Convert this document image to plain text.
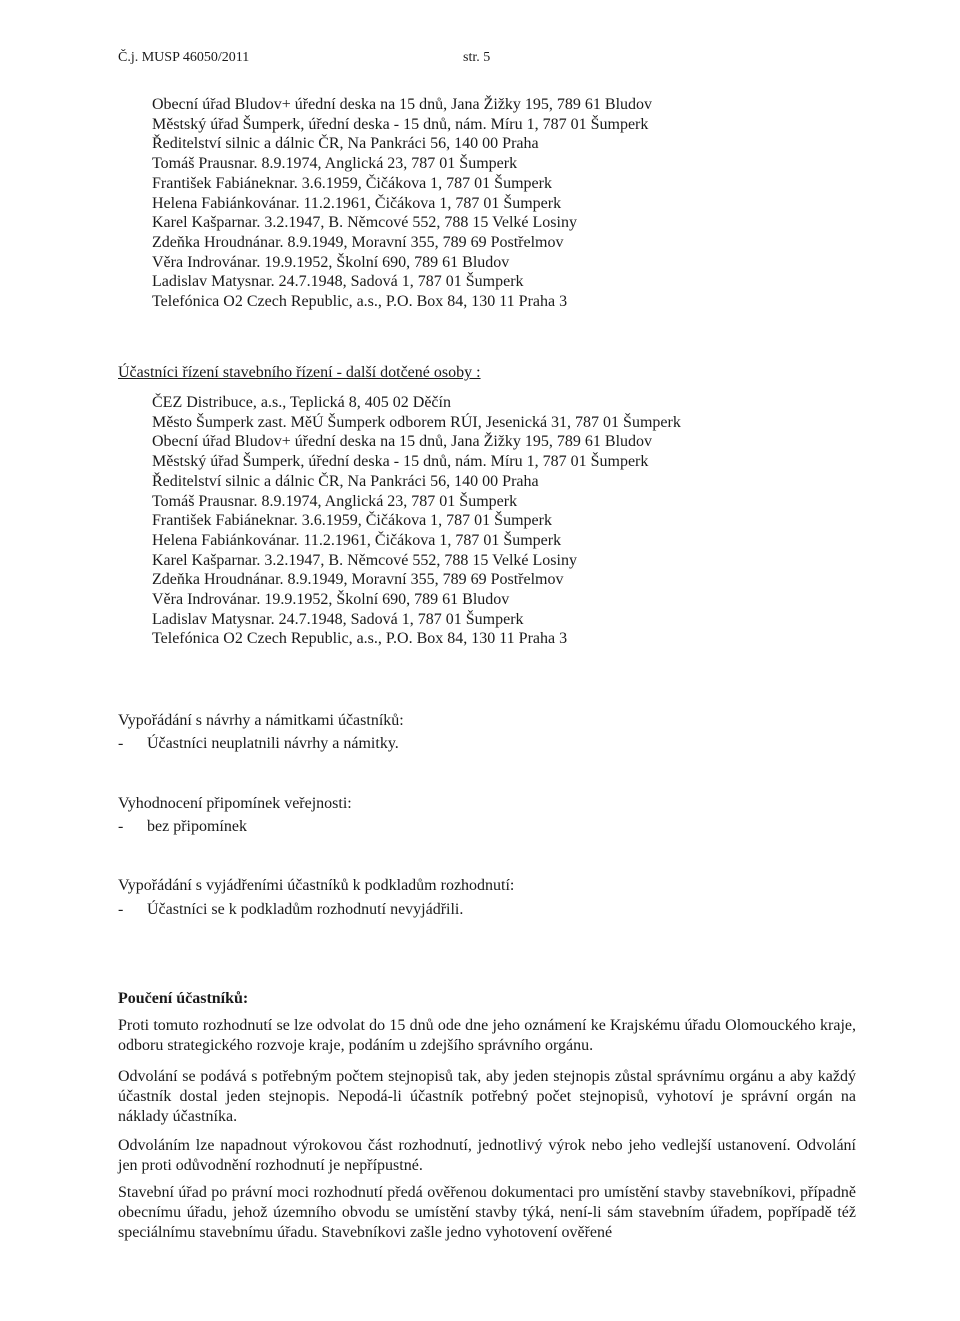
Č.j. MUSP 46050/2011	str. 5
Obecní úřad Bludov+ úřední deska na 15 dnů, Jana Žižky 195, 789 61 Bludov
Městský úřad Šumperk, úřední deska - 15 dnů, nám. Míru 1, 787 01 Šumperk
Ředitelství silnic a dálnic ČR, Na Pankráci 56, 140 00 Praha
Tomáš Prausnar. 8.9.1974, Anglická 23, 787 01 Šumperk
František Fabiáneknar. 3.6.1959, Čičákova 1, 787 01 Šumperk
Helena Fabiánkovánar. 11.2.1961, Čičákova 1, 787 01 Šumperk
Karel Kašparnar. 3.2.1947, B. Němcové 552, 788 15 Velké Losiny
Zdeňka Hroudnánar. 8.9.1949, Moravní 355, 789 69 Postřelmov
Věra Indrovánar. 19.9.1952, Školní 690, 789 61 Bludov
Ladislav Matysnar. 24.7.1948, Sadová 1, 787 01 Šumperk
Telefónica O2 Czech Republic, a.s., P.O. Box 84, 130 11 Praha 3
Účastníci řízení stavebního řízení - další dotčené osoby :
ČEZ Distribuce, a.s., Teplická 8, 405 02 Děčín
Město Šumperk zast. MěÚ Šumperk odborem RÚI, Jesenická 31, 787 01 Šumperk
Obecní úřad Bludov+ úřední deska na 15 dnů, Jana Žižky 195, 789 61 Bludov
Městský úřad Šumperk, úřední deska - 15 dnů, nám. Míru 1, 787 01 Šumperk
Ředitelství silnic a dálnic ČR, Na Pankráci 56, 140 00 Praha
Tomáš Prausnar. 8.9.1974, Anglická 23, 787 01 Šumperk
František Fabiáneknar. 3.6.1959, Čičákova 1, 787 01 Šumperk
Helena Fabiánkovánar. 11.2.1961, Čičákova 1, 787 01 Šumperk
Karel Kašparnar. 3.2.1947, B. Němcové 552, 788 15 Velké Losiny
Zdeňka Hroudnánar. 8.9.1949, Moravní 355, 789 69 Postřelmov
Věra Indrovánar. 19.9.1952, Školní 690, 789 61 Bludov
Ladislav Matysnar. 24.7.1948, Sadová 1, 787 01 Šumperk
Telefónica O2 Czech Republic, a.s., P.O. Box 84, 130 11 Praha 3
Vypořádání s návrhy a námitkami účastníků:
- Účastníci neuplatnili návrhy a námitky.
Vyhodnocení připomínek veřejnosti:
- bez připomínek
Vypořádání s vyjádřeními účastníků k podkladům rozhodnutí:
- Účastníci se k podkladům rozhodnutí nevyjádřili.
Poučení účastníků:

Proti tomuto rozhodnutí se lze odvolat do 15 dnů ode dne jeho oznámení ke Krajskému úřadu Olomouckého kraje, odboru strategického rozvoje kraje, podáním u zdejšího správního orgánu.

Odvolání se podává s potřebným počtem stejnopisů tak, aby jeden stejnopis zůstal správnímu orgánu a aby každý účastník dostal jeden stejnopis. Nepodá-li účastník potřebný počet stejnopisů, vyhotoví je správní orgán na náklady účastníka.

Odvoláním lze napadnout výrokovou část rozhodnutí, jednotlivý výrok nebo jeho vedlejší ustanovení. Odvolání jen proti odůvodnění rozhodnutí je nepřípustné.

Stavební úřad po právní moci rozhodnutí předá ověřenou dokumentaci pro umístění stavby stavebníkovi, případně obecnímu úřadu, jehož územního obvodu se umístění stavby týká, není-li sám stavebním úřadem, popřípadě též speciálnímu stavebnímu úřadu. Stavebníkovi zašle jedno vyhotovení ověřené
